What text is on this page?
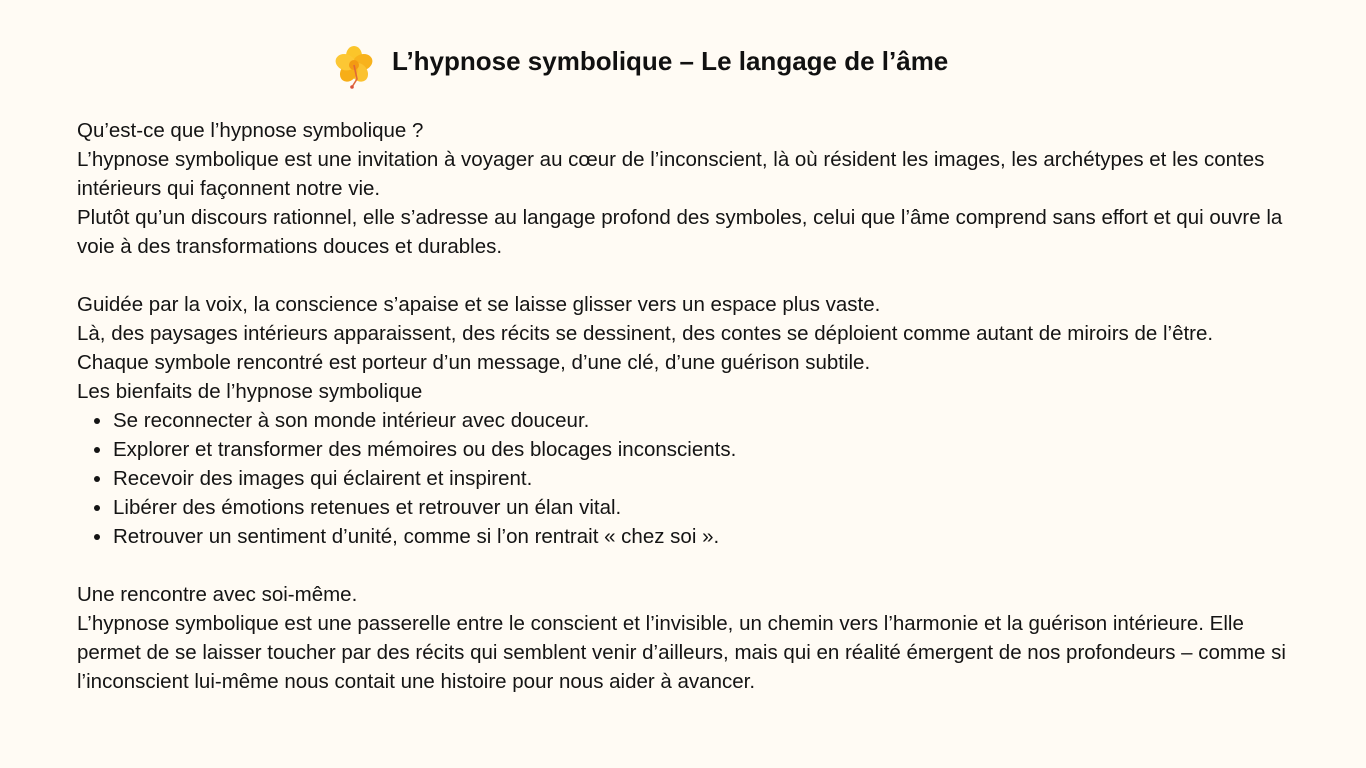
L’hypnose symbolique – Le langage de l’âme

Qu’est-ce que l’hypnose symbolique ?

L’hypnose symbolique est une invitation à voyager au cœur de l’inconscient, là où résident les images, les archétypes et les contes intérieurs qui façonnent notre vie.

Plutôt qu’un discours rationnel, elle s’adresse au langage profond des symboles, celui que l’âme comprend sans effort et qui ouvre la voie à des transformations douces et durables.

Guidée par la voix, la conscience s’apaise et se laisse glisser vers un espace plus vaste.

Là, des paysages intérieurs apparaissent, des récits se dessinent, des contes se déploient comme autant de miroirs de l’être.

Chaque symbole rencontré est porteur d’un message, d’une clé, d’une guérison subtile.

Les bienfaits de l’hypnose symbolique

• Se reconnecter à son monde intérieur avec douceur.
• Explorer et transformer des mémoires ou des blocages inconscients.
• Recevoir des images qui éclairent et inspirent.
• Libérer des émotions retenues et retrouver un élan vital.
• Retrouver un sentiment d’unité, comme si l’on rentrait « chez soi ».

Une rencontre avec soi-même.

L’hypnose symbolique est une passerelle entre le conscient et l’invisible, un chemin vers l’harmonie et la guérison intérieure. Elle permet de se laisser toucher par des récits qui semblent venir d’ailleurs, mais qui en réalité émergent de nos profondeurs – comme si l’inconscient lui-même nous contait une histoire pour nous aider à avancer.
